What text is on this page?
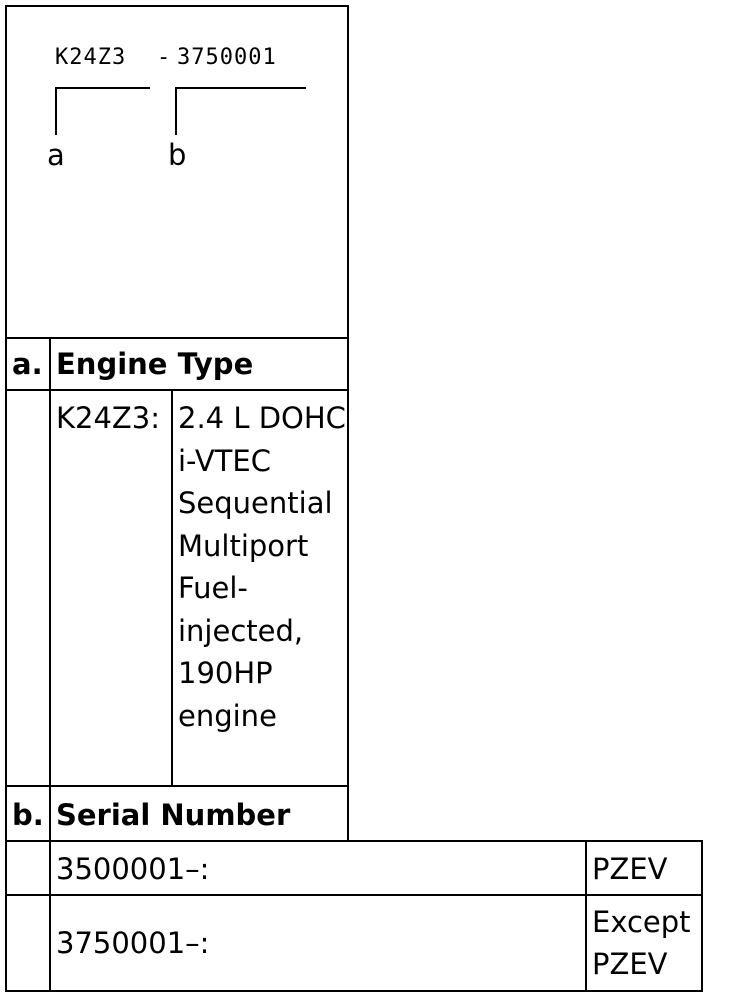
K24Z3 - 3750001
a	b
a. Engine Type
K24Z3: 2.4 L DOHC i-VTEC Sequential Multiport Fuel-injected, 190HP engine
b. Serial Number
3500001–:	PZEV
3750001–:
Except
PZEV
